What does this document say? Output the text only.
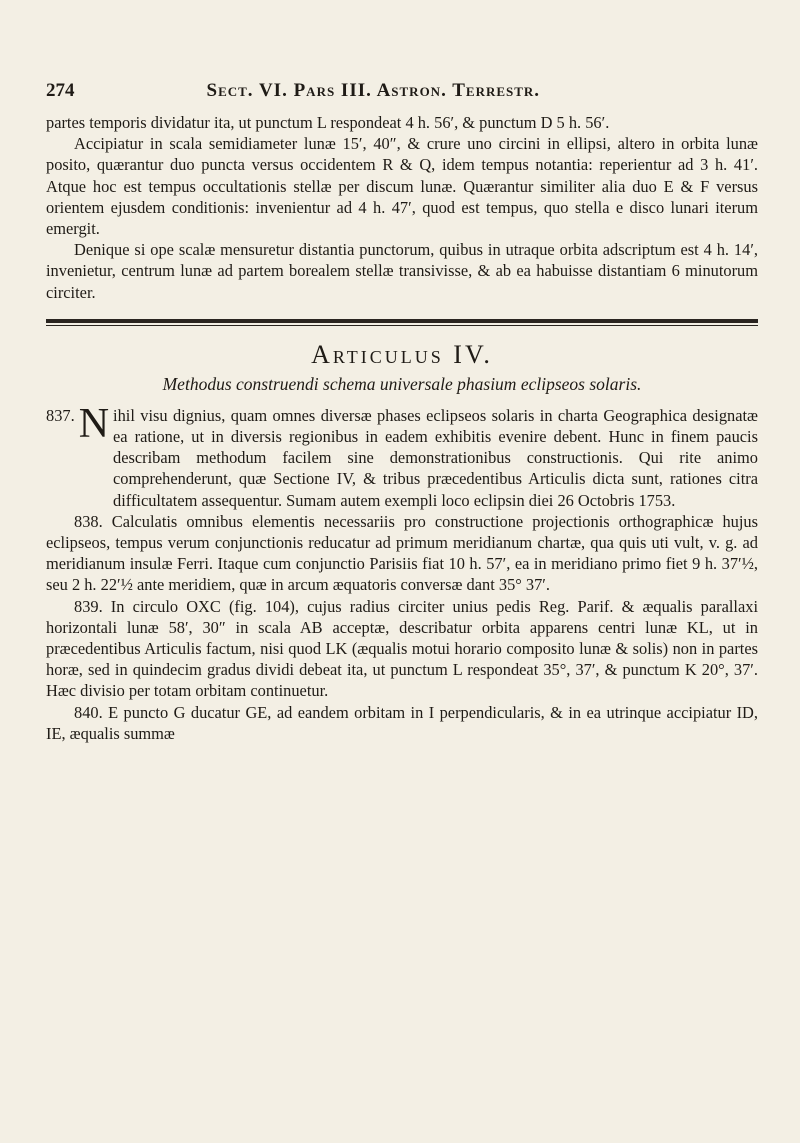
274	Sect. VI. Pars III. Astron. Terrestr.

partes temporis dividatur ita, ut punctum L respondeat 4 h. 56′, & punctum D 5 h. 56′.

Accipiatur in scala semidiameter lunæ 15′, 40″, & crure uno circini in ellipsi, altero in orbita lunæ posito, quærantur duo puncta versus occidentem R & Q, idem tempus notantia: reperientur ad 3 h. 41′. Atque hoc est tempus occultationis stellæ per discum lunæ. Quærantur similiter alia duo E & F versus orientem ejusdem conditionis: invenientur ad 4 h. 47′, quod est tempus, quo stella e disco lunari iterum emergit.

Denique si ope scalæ mensuretur distantia punctorum, quibus in utraque orbita adscriptum est 4 h. 14′, invenietur, centrum lunæ ad partem borealem stellæ transivisse, & ab ea habuisse distantiam 6 minutorum circiter.

Articulus IV.
Methodus construendi schema universale phasium eclipseos solaris.
837. N ihil visu dignius, quam omnes diversæ phases eclipseos solaris in charta Geographica designatæ ea ratione, ut in diversis regionibus in eadem exhibitis evenire debent. Hunc in finem paucis describam methodum facilem sine demonstrationibus constructionis. Qui rite animo comprehenderunt, quæ Sectione IV, & tribus præcedentibus Articulis dicta sunt, rationes citra difficultatem assequentur. Sumam autem exempli loco eclipsin diei 26 Octobris 1753.

838. Calculatis omnibus elementis necessariis pro constructione projectionis orthographicæ hujus eclipseos, tempus verum conjunctionis reducatur ad primum meridianum chartæ, qua quis uti vult, v. g. ad meridianum insulæ Ferri. Itaque cum conjunctio Parisiis fiat 10 h. 57′, ea in meridiano primo fiet 9 h. 37′½, seu 2 h. 22′½ ante meridiem, quæ in arcum æquatoris conversæ dant 35° 37′.

839. In circulo OXC (fig. 104), cujus radius circiter unius pedis Reg. Parif. & æqualis parallaxi horizontali lunæ 58′, 30″ in scala AB acceptæ, describatur orbita apparens centri lunæ KL, ut in præcedentibus Articulis factum, nisi quod LK (æqualis motui horario composito lunæ & solis) non in partes horæ, sed in quindecim gradus dividi debeat ita, ut punctum L respondeat 35°, 37′, & punctum K 20°, 37′. Hæc divisio per totam orbitam continuetur.

840. E puncto G ducatur GE, ad eandem orbitam in I perpendicularis, & in ea utrinque accipiatur ID, IE, æqualis summæ
